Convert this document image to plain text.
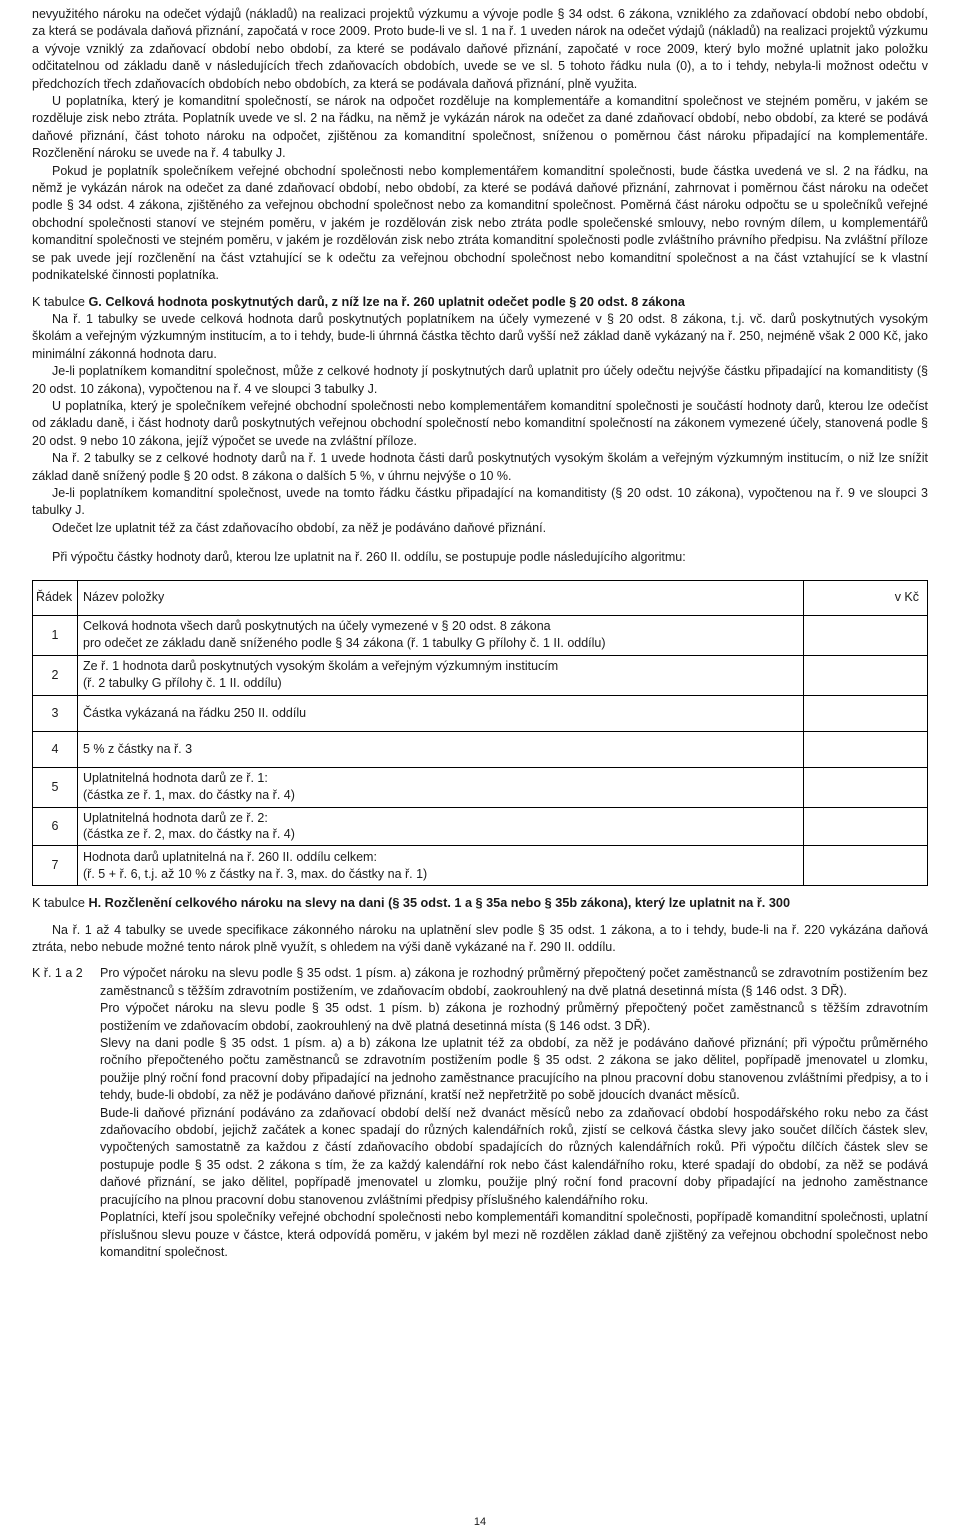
nevyužitého nároku na odečet výdajů (nákladů) na realizaci projektů výzkumu a vývoje podle § 34 odst. 6 zákona, vzniklého za zdaňovací období nebo období, za která se podávala daňová přiznání, započatá v roce 2009. Proto bude-li ve sl. 1 na ř. 1 uveden nárok na odečet výdajů (nákladů) na realizaci projektů výzkumu a vývoje vzniklý za zdaňovací období nebo období, za které se podávalo daňové přiznání, započaté v roce 2009, který bylo možné uplatnit jako položku odčitatelnou od základu daně v následujících třech zdaňovacích obdobích, uvede se ve sl. 5 tohoto řádku nula (0), a to i tehdy, nebyla-li možnost odečtu v předchozích třech zdaňovacích obdobích nebo obdobích, za která se podávala daňová přiznání, plně využita.

U poplatníka, který je komanditní společností, se nárok na odpočet rozděluje na komplementáře a komanditní společnost ve stejném poměru, v jakém se rozděluje zisk nebo ztráta. Poplatník uvede ve sl. 2 na řádku, na němž je vykázán nárok na odečet za dané zdaňovací období, nebo období, za které se podává daňové přiznání, část tohoto nároku na odpočet, zjištěnou za komanditní společnost, sníženou o poměrnou část nároku připadající na komplementáře. Rozčlenění nároku se uvede na ř. 4 tabulky J.

Pokud je poplatník společníkem veřejné obchodní společnosti nebo komplementářem komanditní společnosti, bude částka uvedená ve sl. 2 na řádku, na němž je vykázán nárok na odečet za dané zdaňovací období, nebo období, za které se podává daňové přiznání, zahrnovat i poměrnou část nároku na odečet podle § 34 odst. 4 zákona, zjištěného za veřejnou obchodní společnost nebo za komanditní společnost. Poměrná část nároku odpočtu se u společníků veřejné obchodní společnosti stanoví ve stejném poměru, v jakém je rozdělován zisk nebo ztráta podle společenské smlouvy, nebo rovným dílem, u komplementářů komanditní společnosti ve stejném poměru, v jakém je rozdělován zisk nebo ztráta komanditní společnosti podle zvláštního právního předpisu. Na zvláštní příloze se pak uvede její rozčlenění na část vztahující se k odečtu za veřejnou obchodní společnost nebo komanditní společnost a na část vztahující se k vlastní podnikatelské činnosti poplatníka.

K tabulce G. Celková hodnota poskytnutých darů, z níž lze na ř. 260 uplatnit odečet podle § 20 odst. 8 zákona

Na ř. 1 tabulky se uvede celková hodnota darů poskytnutých poplatníkem na účely vymezené v § 20 odst. 8 zákona, t.j. vč. darů poskytnutých vysokým školám a veřejným výzkumným institucím, a to i tehdy, bude-li úhrnná částka těchto darů vyšší než základ daně vykázaný na ř. 250, nejméně však 2 000 Kč, jako minimální zákonná hodnota daru.

Je-li poplatníkem komanditní společnost, může z celkové hodnoty jí poskytnutých darů uplatnit pro účely odečtu nejvýše částku připadající na komanditisty (§ 20 odst. 10 zákona), vypočtenou na ř. 4 ve sloupci 3 tabulky J.

U poplatníka, který je společníkem veřejné obchodní společnosti nebo komplementářem komanditní společnosti je součástí hodnoty darů, kterou lze odečíst od základu daně, i část hodnoty darů poskytnutých veřejnou obchodní společností nebo komanditní společností na zákonem vymezené účely, stanovená podle § 20 odst. 9 nebo 10 zákona, jejíž výpočet se uvede na zvláštní příloze.

Na ř. 2 tabulky se z celkové hodnoty darů na ř. 1 uvede hodnota části darů poskytnutých vysokým školám a veřejným výzkumným institucím, o niž lze snížit základ daně snížený podle § 20 odst. 8 zákona o dalších 5 %, v úhrnu nejvýše o 10 %.

Je-li poplatníkem komanditní společnost, uvede na tomto řádku částku připadající na komanditisty (§ 20 odst. 10 zákona), vypočtenou na ř. 9 ve sloupci 3 tabulky J.

Odečet lze uplatnit též za část zdaňovacího období, za něž je podáváno daňové přiznání.

Při výpočtu částky hodnoty darů, kterou lze uplatnit na ř. 260 II. oddílu, se postupuje podle následujícího algoritmu:

Řádek	Název položky	v Kč
1	Celková hodnota všech darů poskytnutých na účely vymezené v § 20 odst. 8 zákona
pro odečet ze základu daně sníženého podle § 34 zákona (ř. 1 tabulky G přílohy č. 1 II. oddílu)	

2	Ze ř. 1 hodnota darů poskytnutých vysokým školám a veřejným výzkumným institucím
(ř. 2 tabulky G přílohy č. 1 II. oddílu)	

3	Částka vykázaná na řádku 250 II. oddílu	

4	5 % z částky na ř. 3	

5	Uplatnitelná hodnota darů ze ř. 1:
(částka ze ř. 1, max. do částky na ř. 4)	

6	Uplatnitelná hodnota darů ze ř. 2:
(částka ze ř. 2, max. do částky na ř. 4)	

7	Hodnota darů uplatnitelná na ř. 260 II. oddílu celkem:
(ř. 5 + ř. 6, t.j. až 10 % z částky na ř. 3, max. do částky na ř. 1)	

K tabulce H. Rozčlenění celkového nároku na slevy na dani (§ 35 odst. 1 a § 35a nebo § 35b zákona), který lze uplatnit na ř. 300

Na ř. 1 až 4 tabulky se uvede specifikace zákonného nároku na uplatnění slev podle § 35 odst. 1 zákona, a to i tehdy, bude-li na ř. 220 vykázána daňová ztráta, nebo nebude možné tento nárok plně využít, s ohledem na výši daně vykázané na ř. 290 II. oddílu.

K ř. 1 a 2	Pro výpočet nároku na slevu podle § 35 odst. 1 písm. a) zákona je rozhodný průměrný přepočtený počet zaměstnanců se zdravotním postižením bez zaměstnanců s těžším zdravotním postižením, ve zdaňovacím období, zaokrouhlený na dvě platná desetinná místa (§ 146 odst. 3 DŘ).

Pro výpočet nároku na slevu podle § 35 odst. 1 písm. b) zákona je rozhodný průměrný přepočtený počet zaměstnanců s těžším zdravotním postižením ve zdaňovacím období, zaokrouhlený na dvě platná desetinná místa (§ 146 odst. 3 DŘ).

Slevy na dani podle § 35 odst. 1 písm. a) a b) zákona lze uplatnit též za období, za něž je podáváno daňové přiznání; při výpočtu průměrného ročního přepočteného počtu zaměstnanců se zdravotním postižením podle § 35 odst. 2 zákona se jako dělitel, popřípadě jmenovatel u zlomku, použije plný roční fond pracovní doby připadající na jednoho zaměstnance pracujícího na plnou pracovní dobu stanovenou zvláštními předpisy, a to i tehdy, bude-li období, za něž je podáváno daňové přiznání, kratší než nepřetržitě po sobě jdoucích dvanáct měsíců.

Bude-li daňové přiznání podáváno za zdaňovací období delší než dvanáct měsíců nebo za zdaňovací období hospodářského roku nebo za část zdaňovacího období, jejichž začátek a konec spadají do různých kalendářních roků, zjistí se celková částka slevy jako součet dílčích částek slev, vypočtených samostatně za každou z částí zdaňovacího období spadajících do různých kalendářních roků. Při výpočtu dílčích částek slev se postupuje podle § 35 odst. 2 zákona s tím, že za každý kalendářní rok nebo část kalendářního roku, které spadají do období, za něž se podává daňové přiznání, se jako dělitel, popřípadě jmenovatel u zlomku, použije plný roční fond pracovní doby připadající na jednoho zaměstnance pracujícího na plnou pracovní dobu stanovenou zvláštními předpisy příslušného kalendářního roku.

Poplatníci, kteří jsou společníky veřejné obchodní společnosti nebo komplementáři komanditní společnosti, popřípadě komanditní společnosti, uplatní příslušnou slevu pouze v částce, která odpovídá poměru, v jakém byl mezi ně rozdělen základ daně zjištěný za veřejnou obchodní společnost nebo komanditní společnost.

14
